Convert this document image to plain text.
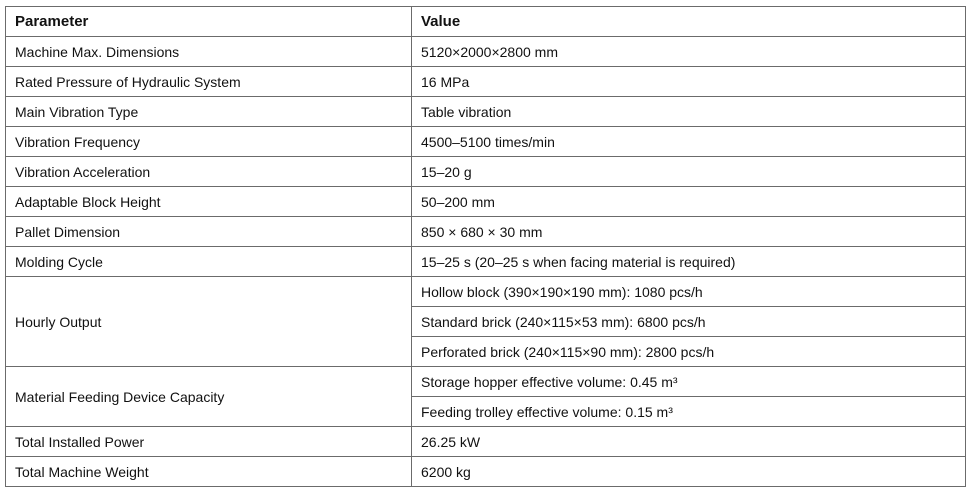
Parameter	Value
Machine Max. Dimensions	5120×2000×2800 mm
Rated Pressure of Hydraulic System	16 MPa
Main Vibration Type	Table vibration
Vibration Frequency	4500–5100 times/min
Vibration Acceleration	15–20 g
Adaptable Block Height	50–200 mm
Pallet Dimension	850 × 680 × 30 mm
Molding Cycle	15–25 s (20–25 s when facing material is required)
Hourly Output	Hollow block (390×190×190 mm): 1080 pcs/h
	Standard brick (240×115×53 mm): 6800 pcs/h
	Perforated brick (240×115×90 mm): 2800 pcs/h
Material Feeding Device Capacity	Storage hopper effective volume: 0.45 m³
	Feeding trolley effective volume: 0.15 m³
Total Installed Power	26.25 kW
Total Machine Weight	6200 kg
